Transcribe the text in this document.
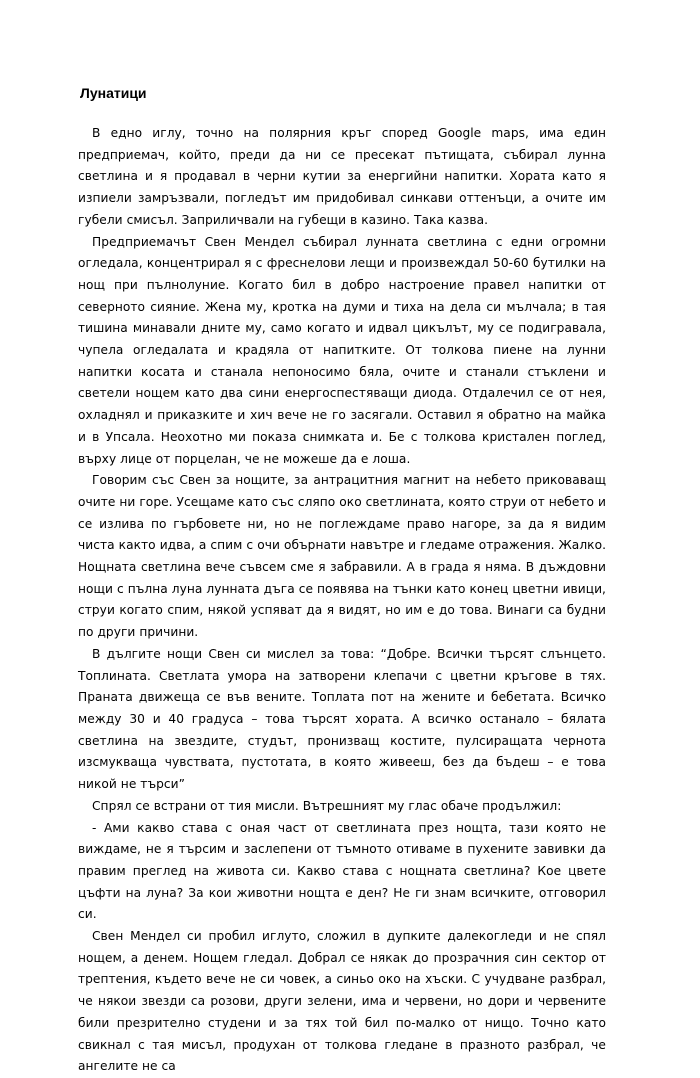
Лунатици

В едно иглу, точно на полярния кръг според Google maps, има един предприемач, който, преди да ни се пресекат пътищата, събирал лунна светлина и я продавал в черни кутии за енергийни напитки. Хората като я изпиели замръзвали, погледът им придобивал синкави оттенъци, а очите им губели смисъл. Заприличвали на губещи в казино. Така казва.

Предприемачът Свен Мендел събирал лунната светлина с едни огромни огледала, концентрирал я с фреснелови лещи и произвеждал 50-60 бутилки на нощ при пълнолуние. Когато бил в добро настроение правел напитки от северното сияние. Жена му, кротка на думи и тиха на дела си мълчала; в тая тишина минавали дните му, само когато и идвал цикълът, му се подигравала, чупела огледалата и крадяла от напитките. От толкова пиене на лунни напитки косата и станала непоносимо бяла, очите и станали стъклени и светели нощем като два сини енергоспестяващи диода. Отдалечил се от нея, охладнял и приказките и хич вече не го засягали. Оставил я обратно на майка и в Упсала. Неохотно ми показа снимката и. Бе с толкова кристален поглед, върху лице от порцелан, че не можеше да е лоша.

Говорим със Свен за нощите, за антрацитния магнит на небето приковаващ очите ни горе. Усещаме като със сляпо око светлината, която струи от небето и се излива по гърбовете ни, но не поглеждаме право нагоре, за да я видим чиста както идва, а спим с очи обърнати навътре и гледаме отражения. Жалко. Нощната светлина вече съвсем сме я забравили. А в града я няма. В дъждовни нощи с пълна луна лунната дъга се появява на тънки като конец цветни ивици, струи когато спим, някой успяват да я видят, но им е до това. Винаги са будни по други причини.

В дългите нощи Свен си мислел за това: “Добре. Всички търсят слънцето. Топлината. Светлата умора на затворени клепачи с цветни кръгове в тях. Праната движеща се във вените. Топлата пот на жените и бебетата. Всичко между 30 и 40 градуса – това търсят хората. А всичко останало – бялата светлина на звездите, студът, пронизващ костите, пулсиращата чернота изсмукваща чувствата, пустотата, в която живееш, без да бъдеш – е това никой не търси”

Спрял се встрани от тия мисли. Вътрешният му глас обаче продължил:

- Ами какво става с оная част от светлината през нощта, тази която не виждаме, не я търсим и заслепени от тъмното отиваме в пухените завивки да правим преглед на живота си. Какво става с нощната светлина? Кое цвете цъфти на луна? За кои животни нощта е ден? Не ги знам всичките, отговорил си.

Свен Мендел си пробил иглуто, сложил в дупките далекогледи и не спял нощем, а денем. Нощем гледал. Добрал се някак до прозрачния син сектор от трептения, където вече не си човек, а синьо око на хъски. С учудване разбрал, че някои звезди са розови, други зелени, има и червени, но дори и червените били презрително студени и за тях той бил по-малко от нищо. Точно като свикнал с тая мисъл, продухан от толкова гледане в празното разбрал, че ангелите не са
